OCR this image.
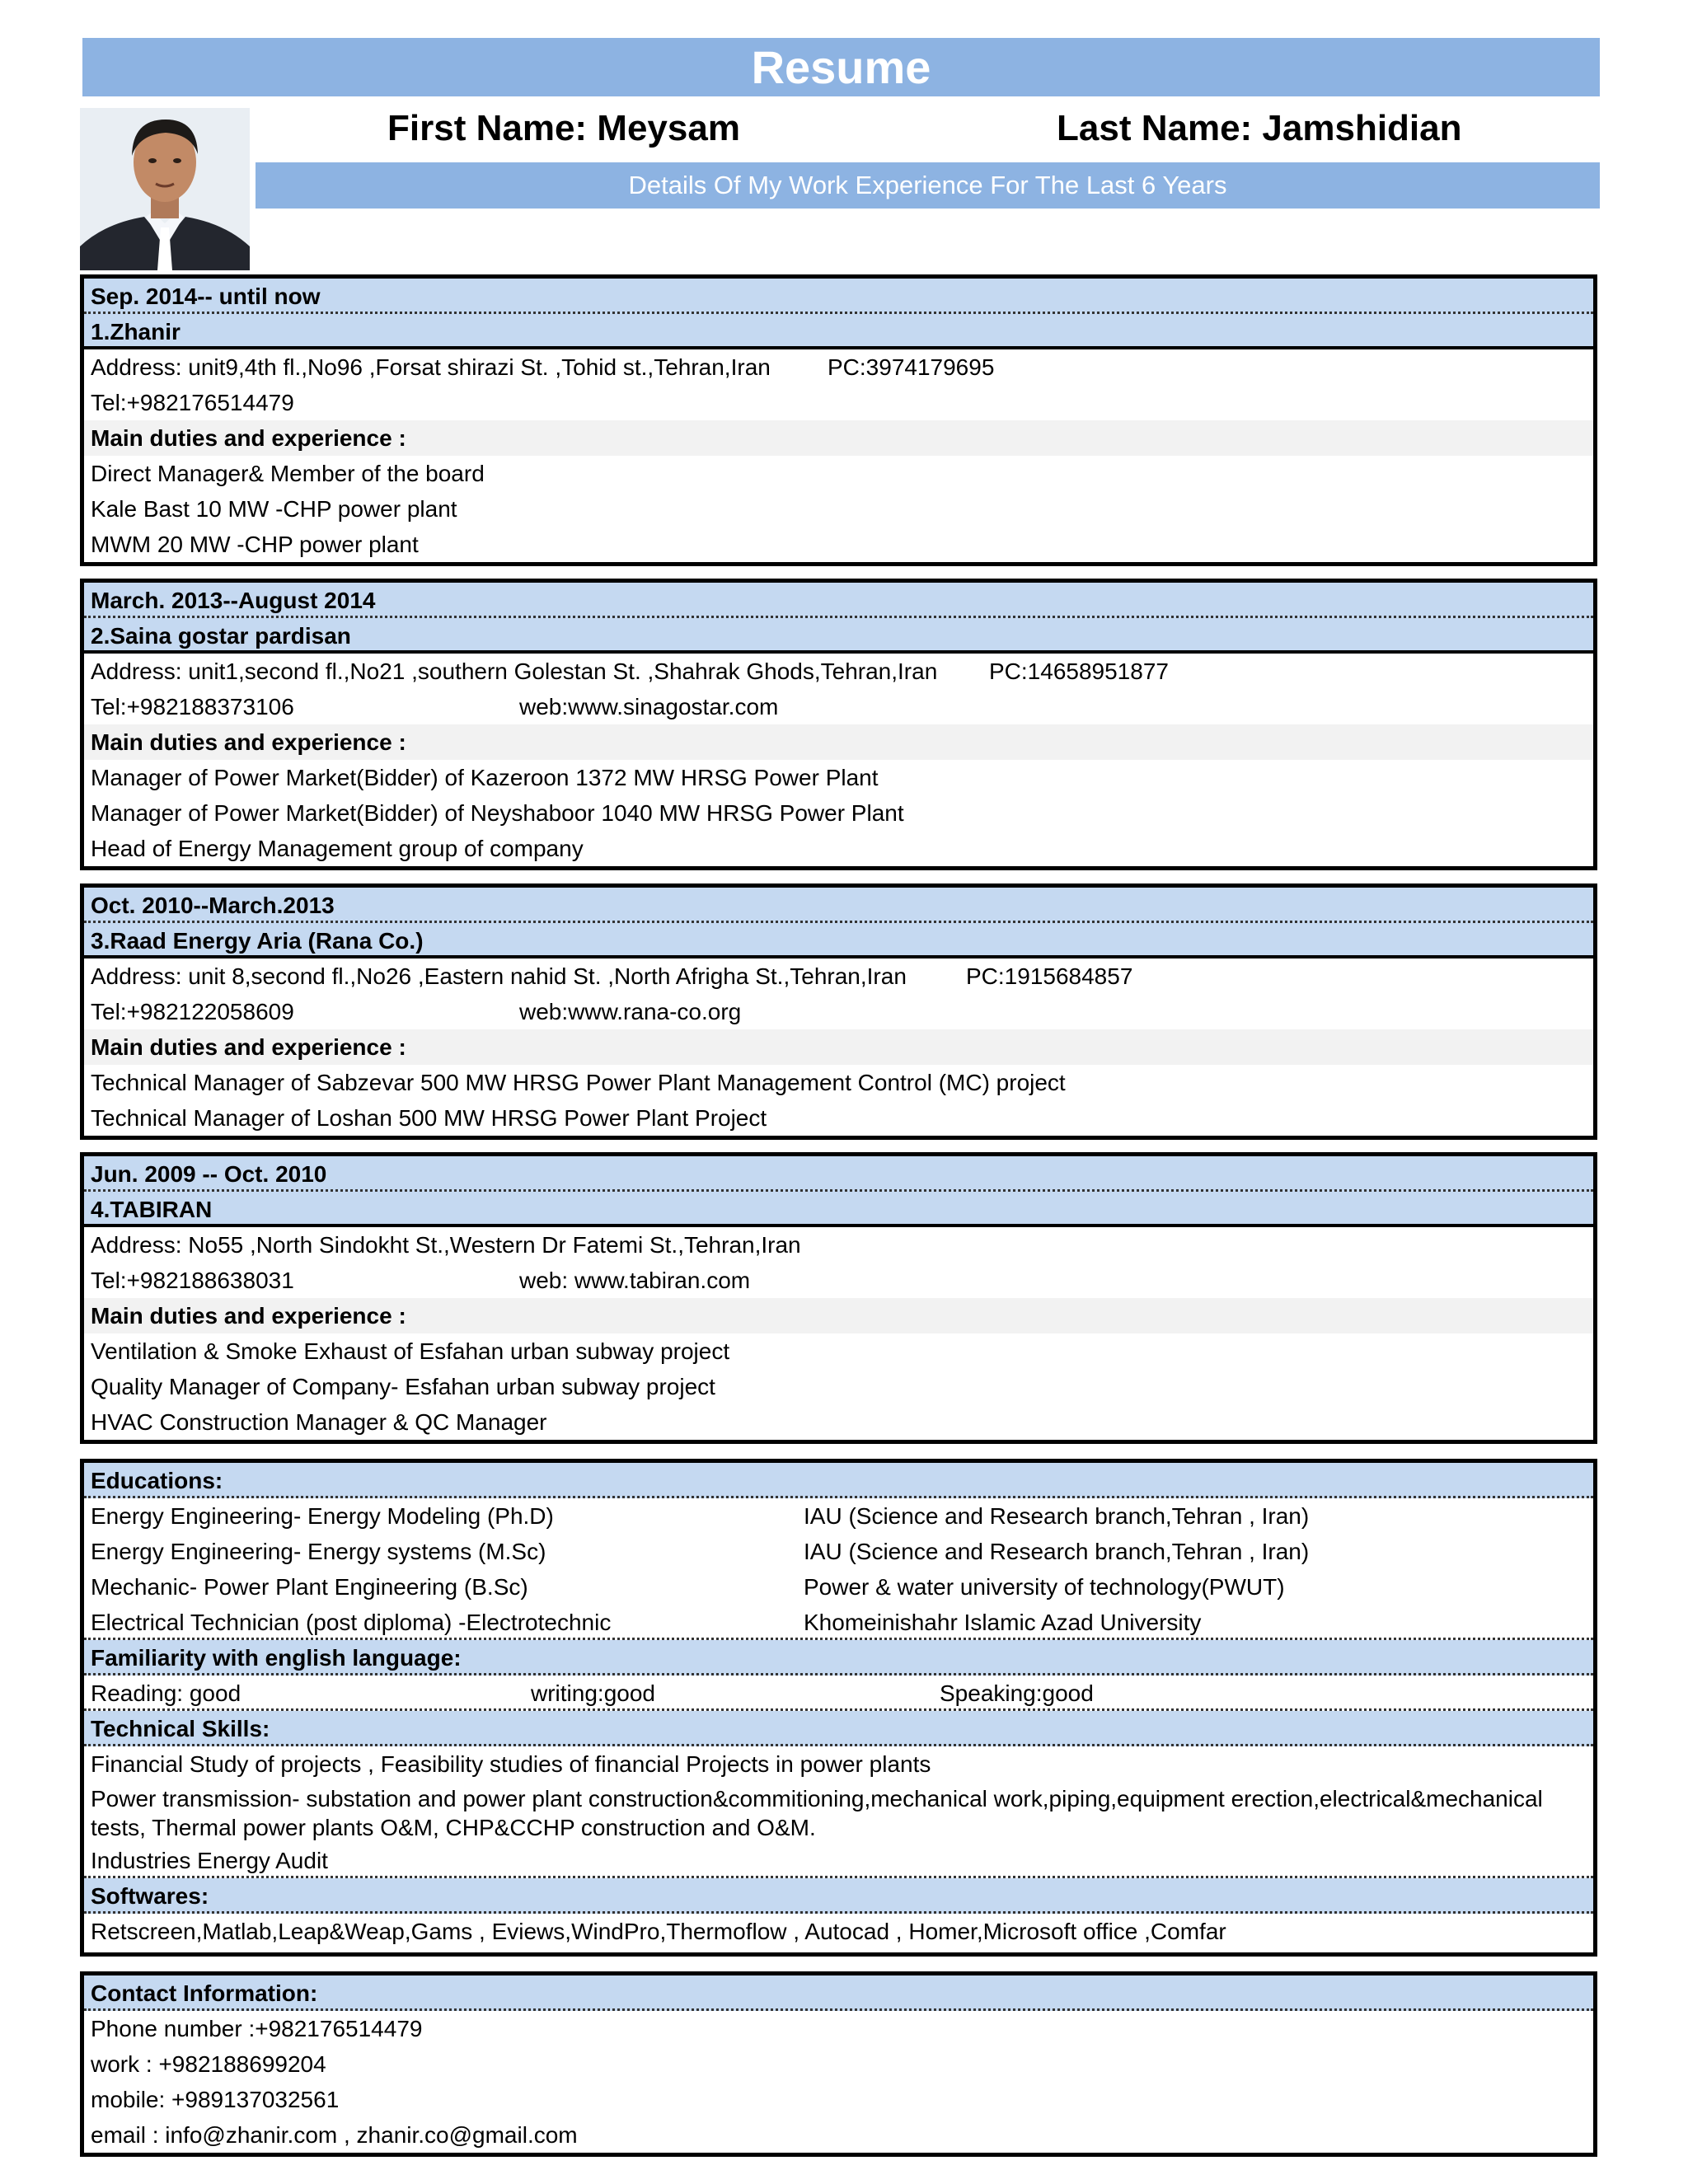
Resume
First Name: Meysam	Last Name: Jamshidian
Details Of My Work Experience For The Last 6 Years
Sep. 2014-- until now
1.Zhanir
Address: unit9,4th fl.,No96 ,Forsat shirazi St. ,Tohid st.,Tehran,Iran PC:3974179695
Tel:+982176514479
Main duties and experience :
Direct Manager& Member of the board
Kale Bast 10 MW -CHP power plant
MWM 20 MW -CHP power plant
March. 2013--August 2014
2.Saina gostar pardisan
Address: unit1,second fl.,No21 ,southern Golestan St. ,Shahrak Ghods,Tehran,Iran PC:14658951877
Tel:+982188373106	web:www.sinagostar.com
Main duties and experience :
Manager of Power Market(Bidder) of Kazeroon 1372 MW HRSG Power Plant
Manager of Power Market(Bidder) of Neyshaboor 1040 MW HRSG Power Plant
Head of Energy Management group of company
Oct. 2010--March.2013
3.Raad Energy Aria (Rana Co.)
Address: unit 8,second fl.,No26 ,Eastern nahid St. ,North Afrigha St.,Tehran,Iran	PC:1915684857
Tel:+982122058609	web:www.rana-co.org
Main duties and experience :
Technical Manager of Sabzevar 500 MW HRSG Power Plant Management Control (MC) project
Technical Manager of Loshan 500 MW HRSG Power Plant Project
Jun. 2009 -- Oct. 2010
4.TABIRAN
Address: No55 ,North Sindokht St.,Western Dr Fatemi St.,Tehran,Iran
Tel:+982188638031	web: www.tabiran.com
Main duties and experience :
Ventilation & Smoke Exhaust of Esfahan urban subway project
Quality Manager of Company- Esfahan urban subway project
HVAC Construction Manager & QC Manager
Educations:
Energy Engineering- Energy Modeling (Ph.D)	IAU (Science and Research branch,Tehran , Iran)
Energy Engineering- Energy systems (M.Sc)	IAU (Science and Research branch,Tehran , Iran)
Mechanic- Power Plant Engineering (B.Sc)	Power & water university of technology(PWUT)
Electrical Technician (post diploma) -Electrotechnic	Khomeinishahr Islamic Azad University
Familiarity with english language:
Reading: good	writing:good	Speaking:good
Technical Skills:
Financial Study of projects , Feasibility studies of financial Projects in power plants
Power transmission- substation and power plant construction&commitioning,mechanical work,piping,equipment erection,electrical&mechanical tests, Thermal power plants O&M, CHP&CCHP construction and O&M.
Industries Energy Audit
Softwares:
Retscreen,Matlab,Leap&Weap,Gams , Eviews,WindPro,Thermoflow , Autocad , Homer,Microsoft office ,Comfar
Contact Information:
Phone number :+982176514479
work : +982188699204
mobile: +989137032561
email : info@zhanir.com , zhanir.co@gmail.com
